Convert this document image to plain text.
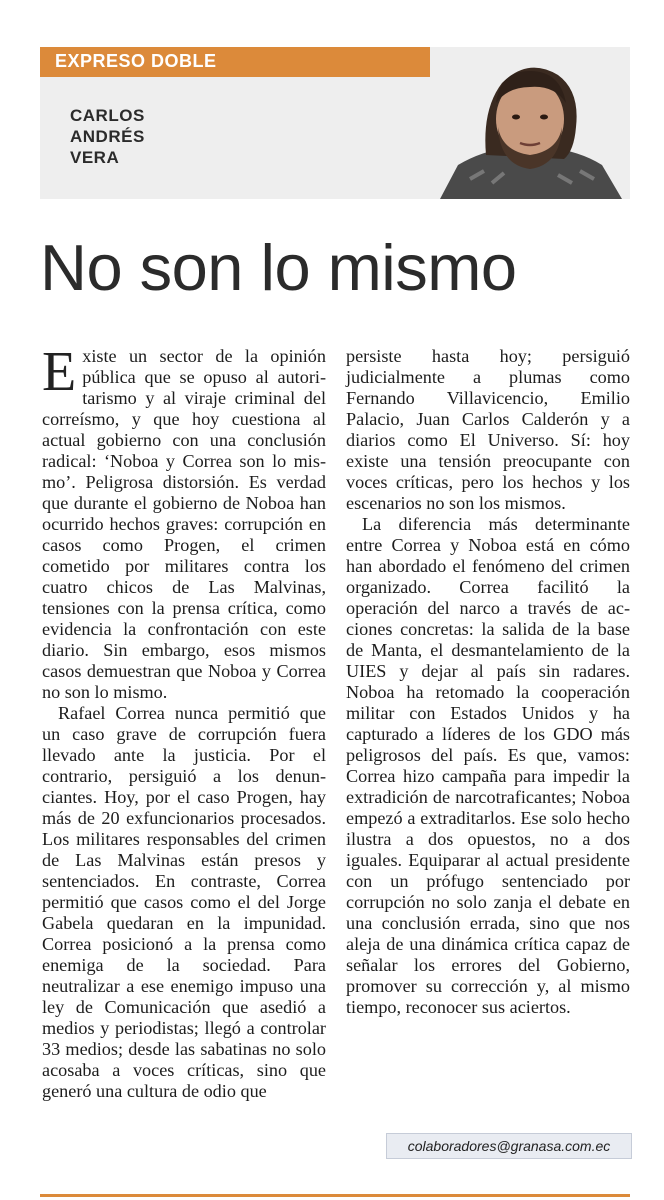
EXPRESO DOBLE
CARLOS
ANDRÉS
VERA
No son lo mismo

Existe un sector de la opinión pública que se opuso al autoritarismo y al viraje criminal del correísmo, y que hoy cuestiona al actual gobierno con una conclusión radical: ‘Noboa y Correa son lo mismo’. Peligrosa distorsión. Es verdad que durante el gobierno de Noboa han ocurrido hechos graves: corrupción en casos como Progen, el crimen cometido por militares contra los cuatro chicos de Las Malvinas, tensiones con la prensa crítica, como evidencia la confrontación con este diario. Sin embargo, esos mismos casos demuestran que Noboa y Correa no son lo mismo.

Rafael Correa nunca permitió que un caso grave de corrupción fuera llevado ante la justicia. Por el contrario, persiguió a los denunciantes. Hoy, por el caso Progen, hay más de 20 exfuncionarios procesados. Los militares responsables del crimen de Las Malvinas están presos y sentenciados. En contraste, Correa permitió que casos como el del Jorge Gabela quedaran en la impunidad. Correa posicionó a la prensa como enemiga de la sociedad. Para neutralizar a ese enemigo impuso una ley de Comunicación que asedió a medios y periodistas; llegó a controlar 33 medios; desde las sabatinas no solo acosaba a voces críticas, sino que generó una cultura de odio que

persiste hasta hoy; persiguió judicialmente a plumas como Fernando Villavicencio, Emilio Palacio, Juan Carlos Calderón y a diarios como El Universo. Sí: hoy existe una tensión preocupante con voces críticas, pero los hechos y los escenarios no son los mismos.

La diferencia más determinante entre Correa y Noboa está en cómo han abordado el fenómeno del crimen organizado. Correa facilitó la operación del narco a través de acciones concretas: la salida de la base de Manta, el desmantelamiento de la UIES y dejar al país sin radares. Noboa ha retomado la cooperación militar con Estados Unidos y ha capturado a líderes de los GDO más peligrosos del país. Es que, vamos: Correa hizo campaña para impedir la extradición de narcotraficantes; Noboa empezó a extraditarlos. Ese solo hecho ilustra a dos opuestos, no a dos iguales. Equiparar al actual presidente con un prófugo sentenciado por corrupción no solo zanja el debate en una conclusión errada, sino que nos aleja de una dinámica crítica capaz de señalar los errores del Gobierno, promover su corrección y, al mismo tiempo, reconocer sus aciertos.

colaboradores@granasa.com.ec
